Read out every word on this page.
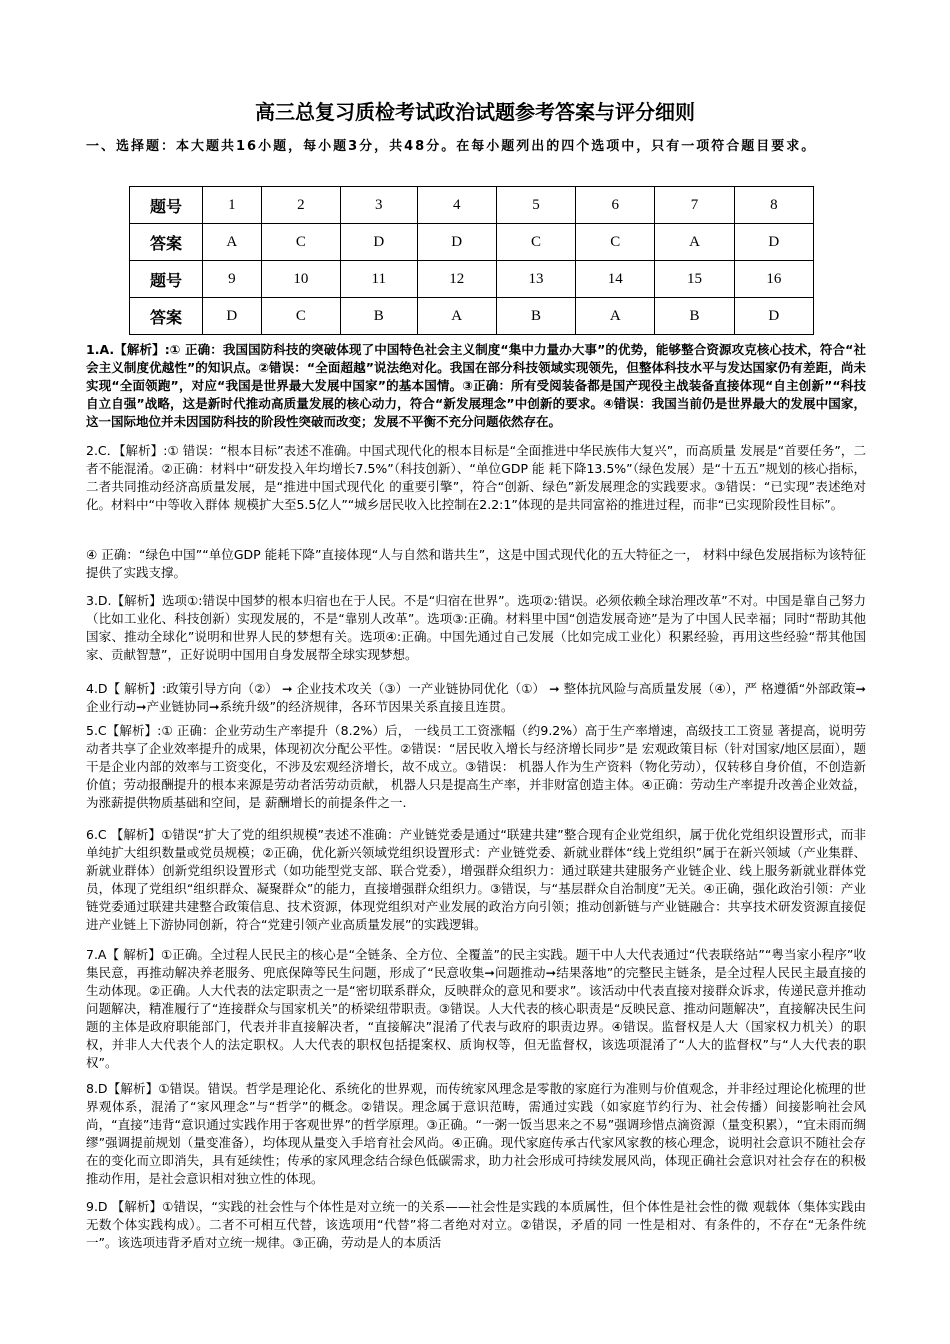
高三总复习质检考试政治试题参考答案与评分细则
一、选择题：本大题共16小题，每小题3分，共48分。在每小题列出的四个选项中，只有一项符合题目要求。
题号	1	2	3	4	5	6	7	8
答案	A	C	D	D	C	C	A	D
题号	9	10	11	12	13	14	15	16
答案	D	C	B	A	B	A	B	D
1.A.【解析】:① 正确：我国国防科技的突破体现了中国特色社会主义制度“集中力量办大事”的优势，能够整合资源攻克核心技术，符合“社会主义制度优越性”的知识点。②错误：“全面超越”说法绝对化。我国在部分科技领域实现领先，但整体科技水平与发达国家仍有差距，尚未实现“全面领跑”，对应“我国是世界最大发展中国家”的基本国情。③正确：所有受阅装备都是国产现役主战装备直接体现“自主创新”“科技自立自强”战略，这是新时代推动高质量发展的核心动力，符合“新发展理念”中创新的要求。④错误：我国当前仍是世界最大的发展中国家，这一国际地位并未因国防科技的阶段性突破而改变；发展不平衡不充分问题依然存在。
2.C．【解析】:① 错误：“根本目标”表述不准确。中国式现代化的根本目标是“全面推进中华民族伟大复兴”，而高质量 发展是“首要任务”，二者不能混淆。②正确：材料中“研发投入年均增长7.5%”（科技创新）、“单位GDP 能 耗下降13.5%”（绿色发展）是“十五五”规划的核心指标，二者共同推动经济高质量发展，是“推进中国式现代化 的重要引擎”，符合“创新、绿色”新发展理念的实践要求。③错误：“已实现”表述绝对化。材料中“中等收入群体 规模扩大至5.5亿人”“城乡居民收入比控制在2.2:1”体现的是共同富裕的推进过程，而非“已实现阶段性目标”。
④ 正确：“绿色中国”“单位GDP 能耗下降”直接体现“人与自然和谐共生”，这是中国式现代化的五大特征之一， 材料中绿色发展指标为该特征提供了实践支撑。
3.D.【解析】选项①:错误中国梦的根本归宿也在于人民。不是“归宿在世界”。选项②:错误。必须依赖全球治理改革”不对。中国是靠自己努力（比如工业化、科技创新）实现发展的，不是“靠别人改革”。选项③:正确。材料里中国“创造发展奇迹”是为了中国人民幸福；同时“帮助其他国家、推动全球化”说明和世界人民的梦想有关。选项④:正确。中国先通过自己发展（比如完成工业化）积累经验，再用这些经验“帮其他国家、贡献智慧”，正好说明中国用自身发展帮全球实现梦想。
4.D【 解析】:政策引导方向（②） ➞ 企业技术攻关（③）一产业链协同优化（①） ➞ 整体抗风险与高质量发展（④），严 格遵循“外部政策➞企业行动➞产业链协同➞系统升级”的经济规律，各环节因果关系直接且连贯。
5.C【解析】:① 正确：企业劳动生产率提升（8.2%）后， 一线员工工资涨幅（约9.2%）高于生产率增速，高级技工工资显 著提高，说明劳动者共享了企业效率提升的成果，体现初次分配公平性。②错误：“居民收入增长与经济增长同步”是 宏观政策目标（针对国家/地区层面），题干是企业内部的效率与工资变化，不涉及宏观经济增长，故不成立。③错误： 机器人作为生产资料（物化劳动），仅转移自身价值，不创造新价值；劳动报酬提升的根本来源是劳动者活劳动贡献， 机器人只是提高生产率，并非财富创造主体。④正确：劳动生产率提升改善企业效益，为涨薪提供物质基础和空间，是 薪酬增长的前提条件之一.
6.C 【解析】①错误“扩大了党的组织规模”表述不准确：产业链党委是通过“联建共建”整合现有企业党组织，属于优化党组织设置形式，而非单纯扩大组织数量或党员规模；②正确，优化新兴领域党组织设置形式：产业链党委、新就业群体“线上党组织”属于在新兴领域（产业集群、新就业群体）创新党组织设置形式（如功能型党支部、联合党委），增强群众组织力：通过联建共建服务产业链企业、线上服务新就业群体党员，体现了党组织“组织群众、凝聚群众”的能力，直接增强群众组织力。③错误，与“基层群众自治制度”无关。④正确，强化政治引领：产业链党委通过联建共建整合政策信息、技术资源，体现党组织对产业发展的政治方向引领；推动创新链与产业链融合：共享技术研发资源直接促进产业链上下游协同创新，符合“党建引领产业高质量发展”的实践逻辑。
7.A【 解析】①正确。全过程人民民主的核心是“全链条、全方位、全覆盖”的民主实践。题干中人大代表通过“代表联络站”“粤当家小程序”收集民意，再推动解决养老服务、兜底保障等民生问题，形成了“民意收集➞问题推动➞结果落地”的完整民主链条，是全过程人民民主最直接的生动体现。②正确。人大代表的法定职责之一是“密切联系群众，反映群众的意见和要求”。该活动中代表直接对接群众诉求，传递民意并推动问题解决，精准履行了“连接群众与国家机关”的桥梁纽带职责。③错误。人大代表的核心职责是“反映民意、推动问题解决”，直接解决民生问题的主体是政府职能部门，代表并非直接解决者，“直接解决”混淆了代表与政府的职责边界。④错误。监督权是人大（国家权力机关）的职权，并非人大代表个人的法定职权。人大代表的职权包括提案权、质询权等，但无监督权，该选项混淆了“人大的监督权”与“人大代表的职权”。
8.D【解析】①错误。错误。哲学是理论化、系统化的世界观，而传统家风理念是零散的家庭行为准则与价值观念，并非经过理论化梳理的世界观体系，混淆了“家风理念”与“哲学”的概念。②错误。理念属于意识范畴，需通过实践（如家庭节约行为、社会传播）间接影响社会风尚，“直接”违背“意识通过实践作用于客观世界”的哲学原理。③正确。“一粥一饭当思来之不易”强调珍惜点滴资源（量变积累），“宜未雨而绸缪”强调提前规划（量变准备），均体现从量变入手培育社会风尚。④正确。现代家庭传承古代家风家教的核心理念，说明社会意识不随社会存在的变化而立即消失，具有延续性；传承的家风理念结合绿色低碳需求，助力社会形成可持续发展风尚，体现正确社会意识对社会存在的积极推动作用，是社会意识相对独立性的体现。
9.D 【解析】①错误，“实践的社会性与个体性是对立统一的关系——社会性是实践的本质属性，但个体性是社会性的微 观载体（集体实践由无数个体实践构成）。二者不可相互代替，该选项用“代替”将二者绝对对立。②错误，矛盾的同 一性是相对、有条件的，不存在“无条件统一”。该选项违背矛盾对立统一规律。③正确，劳动是人的本质活
